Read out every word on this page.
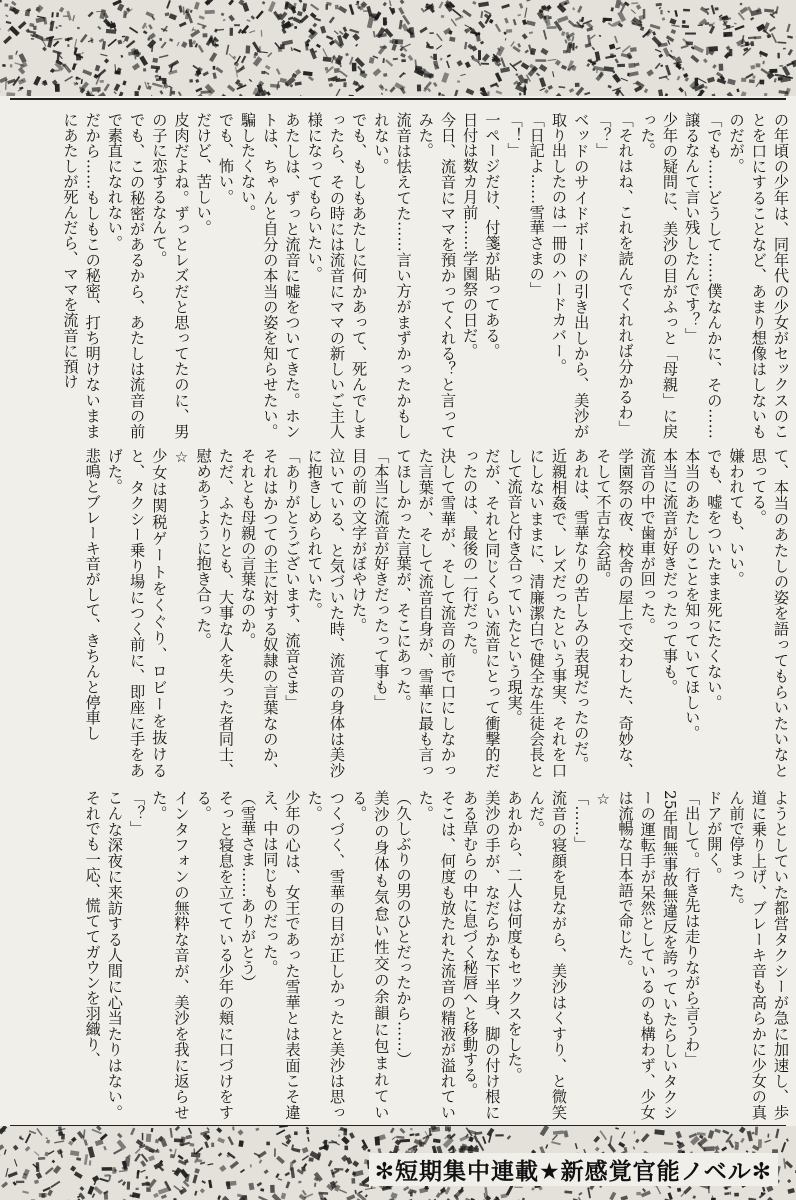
の年頃の少年は、同年代の少女がセックスのことを口にすることなど、あまり想像はしないものだが。

「でも……どうして……僕なんかに、その……譲るなんて言い残したんです？」

少年の疑問に、美沙の目がふっと「母親」に戻った。

「それはね、これを読んでくれれば分かるわ」

「？」

ベッドのサイドボードの引き出しから、美沙が取り出したのは一冊のハードカバー。

「日記よ……雪華さまの」

「！」

一ページだけ、付箋が貼ってある。

日付は数カ月前……学園祭の日だ。

今日、流音にママを預かってくれる？と言ってみた。

流音は怯えてた……言い方がまずかったかもしれない。

でも、もしもあたしに何かあって、死んでしまったら、その時には流音にママの新しいご主人様になってもらいたい。

あたしは、ずっと流音に嘘をついてきた。ホントは、ちゃんと自分の本当の姿を知らせたい。騙したくない。

でも、怖い。

だけど、苦しい。

皮肉だよね。ずっとレズだと思ってたのに、男の子に恋するなんて。

でも、この秘密があるから、あたしは流音の前で素直になれない。

だから……もしもこの秘密、打ち明けないままにあたしが死んだら、ママを流音に預け

て、本当のあたしの姿を語ってもらいたいなと思ってる。

嫌われても、いい。

でも、嘘をついたまま死にたくない。

本当のあたしのことを知っていてほしい。

本当に流音が好きだったって事も。

流音の中で歯車が回った。

学園祭の夜、校舎の屋上で交わした、奇妙な、そして不吉な会話。

あれは、雪華なりの苦しみの表現だったのだ。

近親相姦で、レズだったという事実、それを口にしないままに、清廉潔白で健全な生徒会長として流音と付き合っていたという現実。

だが、それと同じくらい流音にとって衝撃的だったのは、最後の一行だった。

決して雪華が、そして流音の前で口にしなかった言葉が、そして流音自身が、雪華に最も言ってほしかった言葉が、そこにあった。

「本当に流音が好きだったって事も」

目の前の文字がぼやけた。

泣いている、と気づいた時、流音の身体は美沙に抱きしめられていた。

「ありがとうございます、流音さま」

それはかつての主に対する奴隷の言葉なのか、それとも母親の言葉なのか。

ただ、ふたりとも、大事な人を失った者同士、慰めあうように抱き合った。

☆

少女は関税ゲートをくぐり、ロビーを抜けると、タクシー乗り場につく前に、即座に手をあげた。

悲鳴とブレーキ音がして、きちんと停車し

ようとしていた都営タクシーが急に加速し、歩道に乗り上げ、ブレーキ音も高らかに少女の真ん前で停まった。

ドアが開く。

「出して。行き先は走りながら言うわ」

25年間無事故無違反を誇っていたらしいタクシーの運転手が呆然としているのも構わず、少女は流暢な日本語で命じた。

☆

「……」

流音の寝顔を見ながら、美沙はくすり、と微笑んだ。

あれから、二人は何度もセックスをした。

美沙の手が、なだらかな下半身、脚の付け根にある草むらの中に息づく秘唇へと移動する。

そこは、何度も放たれた流音の精液が溢れていた。

（久しぶりの男のひとだったから……）

美沙の身体も気怠い性交の余韻に包まれている。

つくづく、雪華の目が正しかったと美沙は思った。

少年の心は、女王であった雪華とは表面こそ違え、中は同じものだった。

（雪華さま……ありがとう）

そっと寝息を立てている少年の頬に口づけをする。

インタフォンの無粋な音が、美沙を我に返らせた。

「？」

こんな深夜に来訪する人間に心当たりはない。それでも一応、慌ててガウンを羽織り、

✻短期集中連載★新感覚官能ノベル✻
